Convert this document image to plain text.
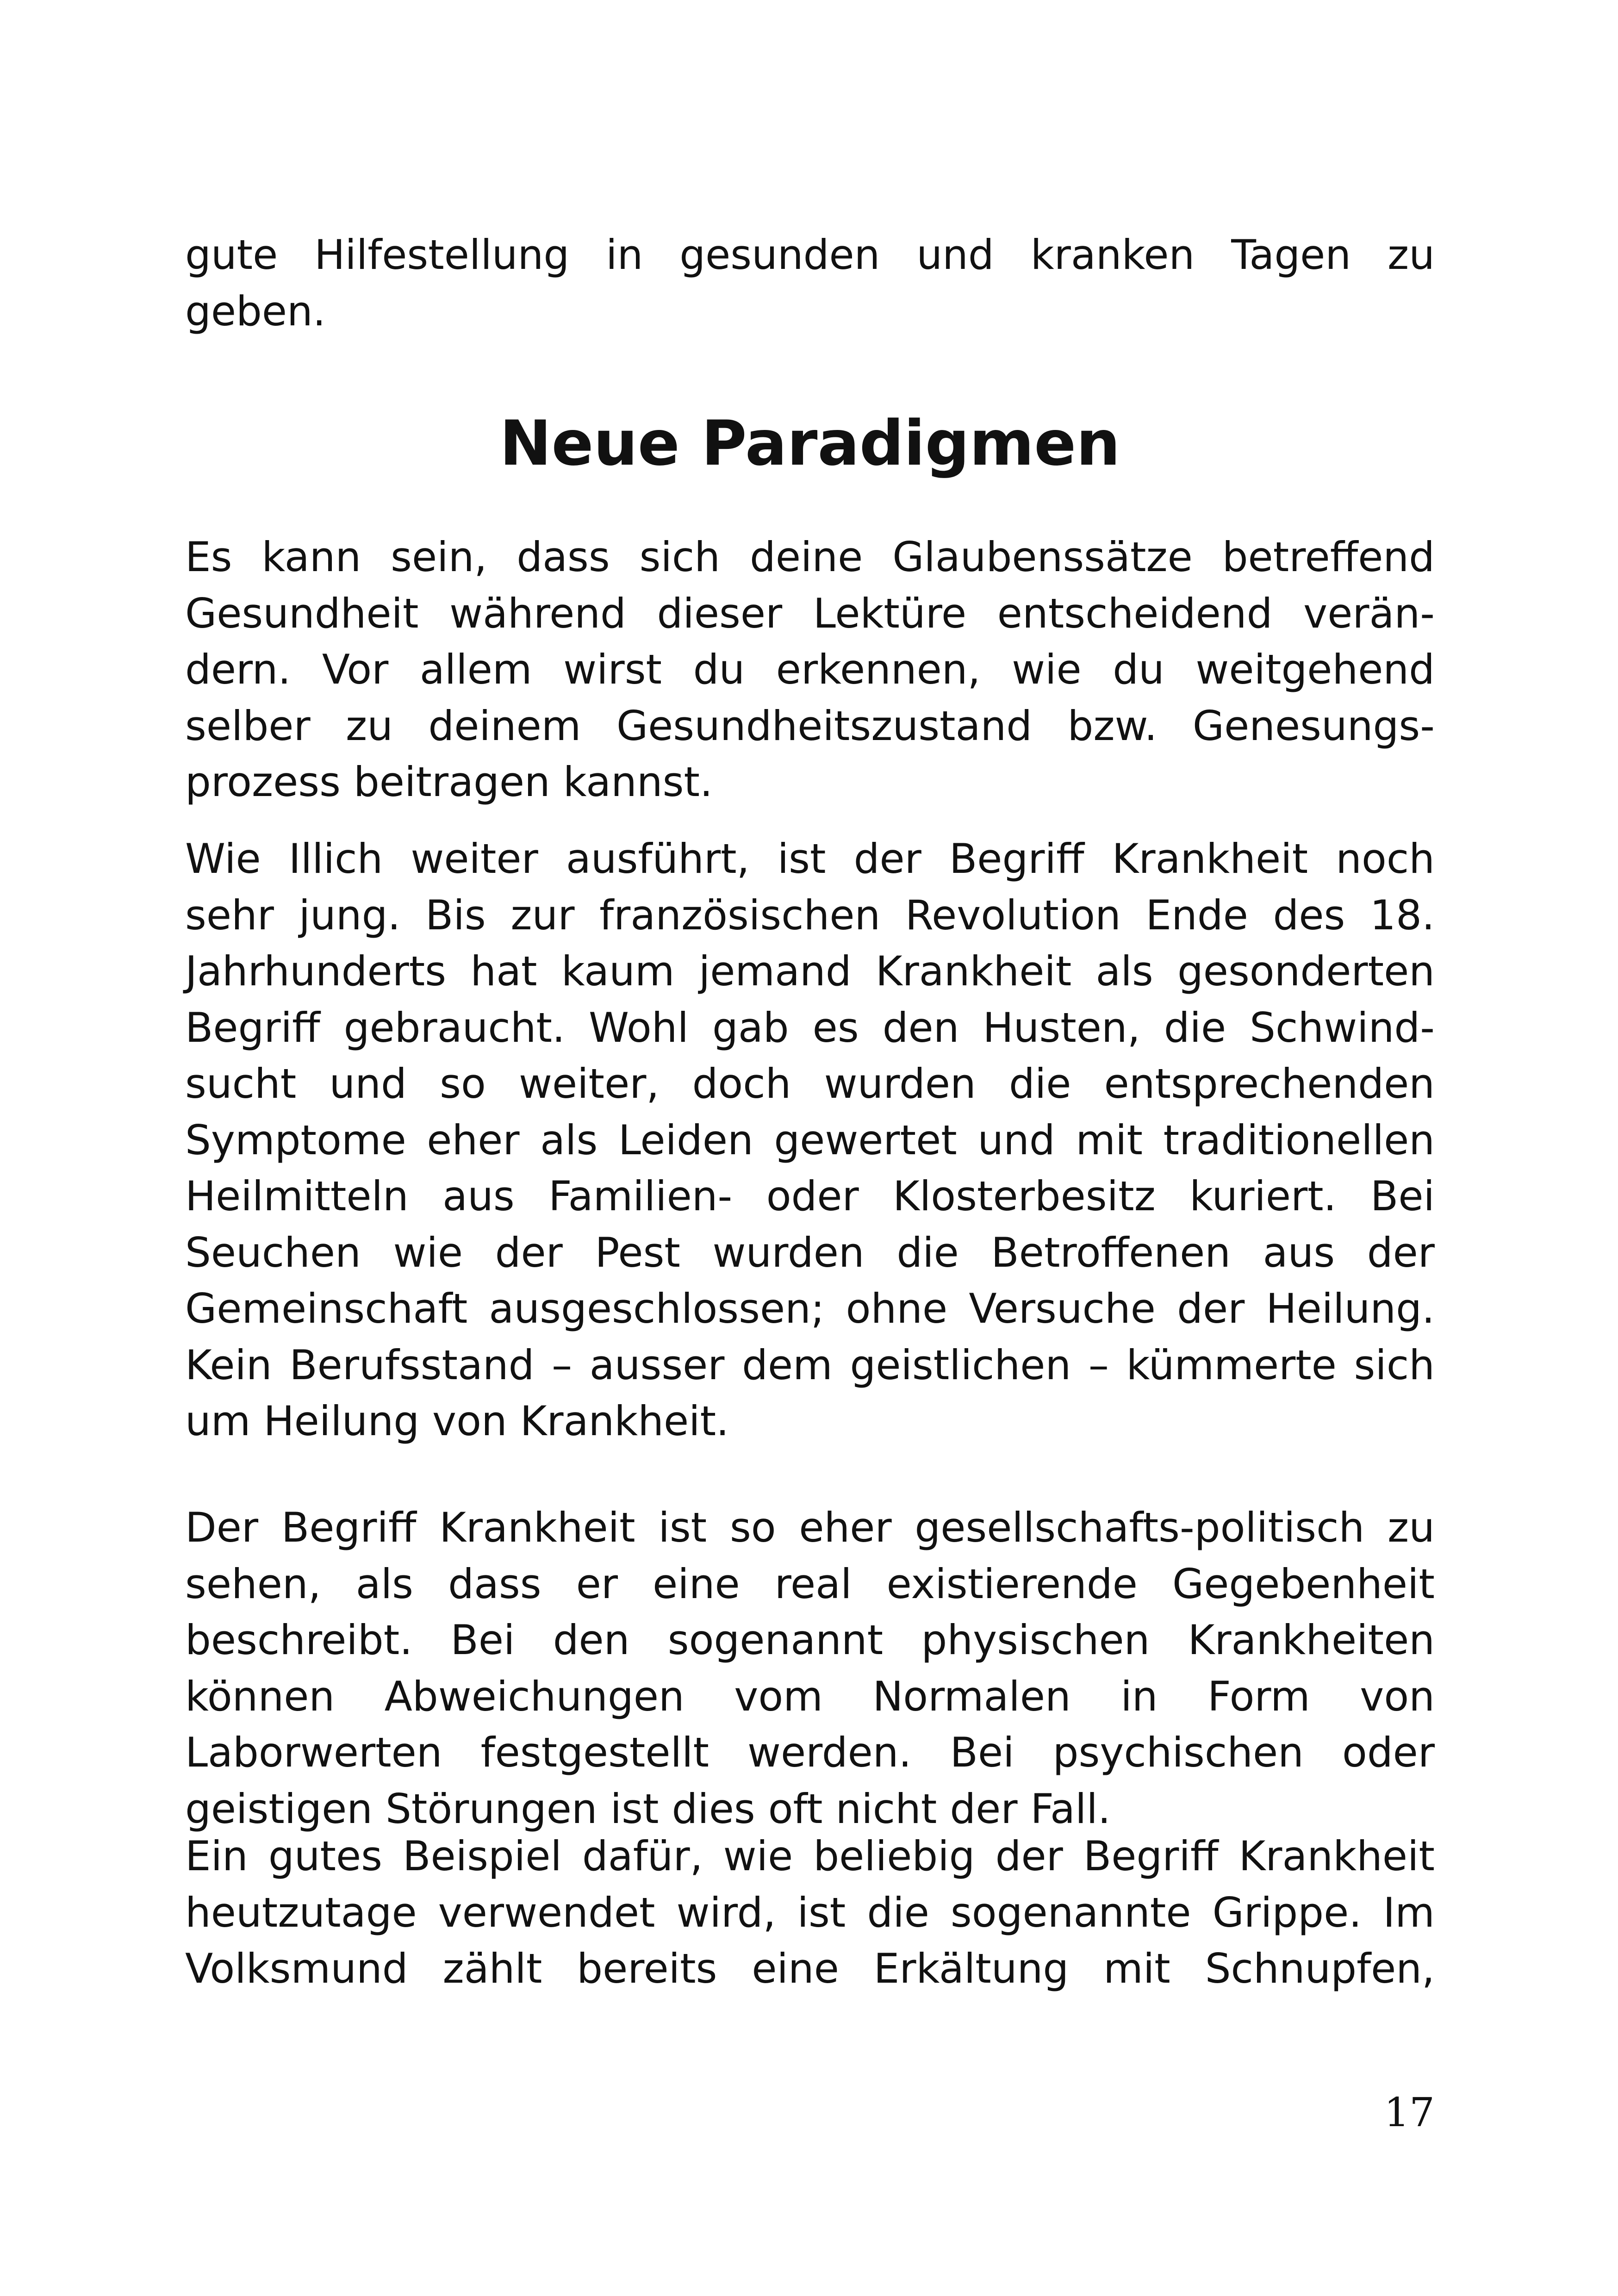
gute Hilfestellung in gesunden und kranken Tagen zu
geben.

Neue Paradigmen

Es kann sein, dass sich deine Glaubenssätze betreffend
Gesundheit während dieser Lektüre entscheidend verän-
dern. Vor allem wirst du erkennen, wie du weitgehend
selber zu deinem Gesundheitszustand bzw. Genesungs-
prozess beitragen kannst.

Wie Illich weiter ausführt, ist der Begriff Krankheit noch
sehr jung. Bis zur französischen Revolution Ende des 18.
Jahrhunderts hat kaum jemand Krankheit als gesonderten
Begriff gebraucht. Wohl gab es den Husten, die Schwind-
sucht und so weiter, doch wurden die entsprechenden
Symptome eher als Leiden gewertet und mit traditionellen
Heilmitteln aus Familien- oder Klosterbesitz kuriert. Bei
Seuchen wie der Pest wurden die Betroffenen aus der
Gemeinschaft ausgeschlossen; ohne Versuche der Heilung.
Kein Berufsstand – ausser dem geistlichen – kümmerte sich
um Heilung von Krankheit.

Der Begriff Krankheit ist so eher gesellschafts-politisch zu
sehen, als dass er eine real existierende Gegebenheit
beschreibt. Bei den sogenannt physischen Krankheiten
können Abweichungen vom Normalen in Form von
Laborwerten festgestellt werden. Bei psychischen oder
geistigen Störungen ist dies oft nicht der Fall.

Ein gutes Beispiel dafür, wie beliebig der Begriff Krankheit
heutzutage verwendet wird, ist die sogenannte Grippe. Im
Volksmund zählt bereits eine Erkältung mit Schnupfen,

17
